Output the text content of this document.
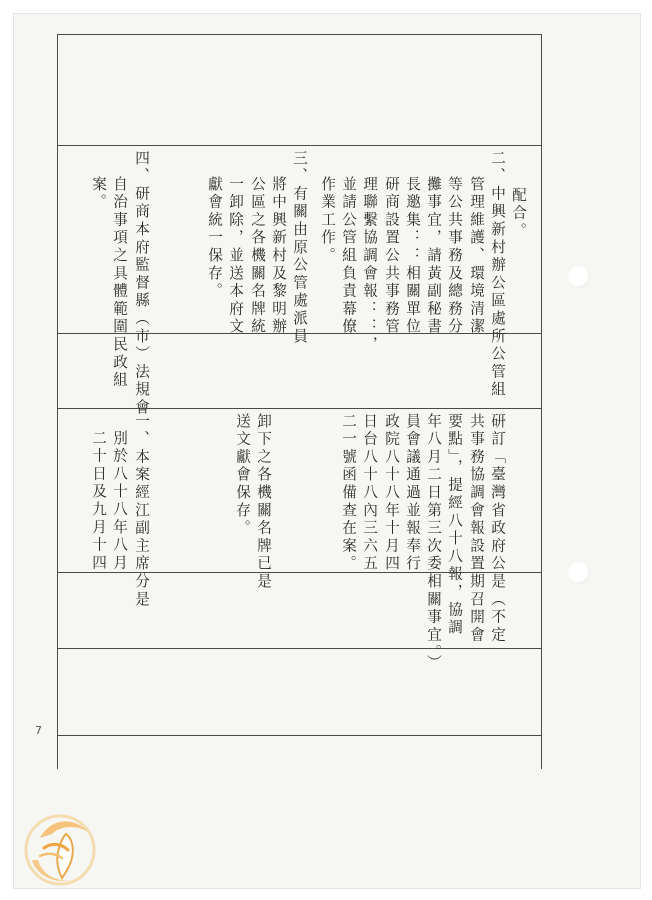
配合。
二、中興新村辦公區處所公管組
管理維護、環境清潔
等公共事務及總務分
攤事宜，請黃副秘書
長邀集：：相關單位
研商設置公共事務管
理聯繫協調會報：：，
並請公管組負責幕僚
作業工作。
三、有關由原公管處派員
將中興新村及黎明辦
公區之各機關名牌統
一卸除，並送本府文
獻會統一保存。
四、研商本府監督縣（市）法規會
自治事項之具體範圍民政組
案。
研訂「臺灣省政府公是（不定
共事務協調會報設置期召開會
要點」，提經八十八報，協調
年八月二日第三次委相關事宜。）
員會議通過並報奉行
政院八十八年十月四
日台八十八內三六五
二一號函備查在案。
卸下之各機關名牌已是
送文獻會保存。
一、本案經江副主席分是
別於八十八年八月
二十日及九月十四
7
